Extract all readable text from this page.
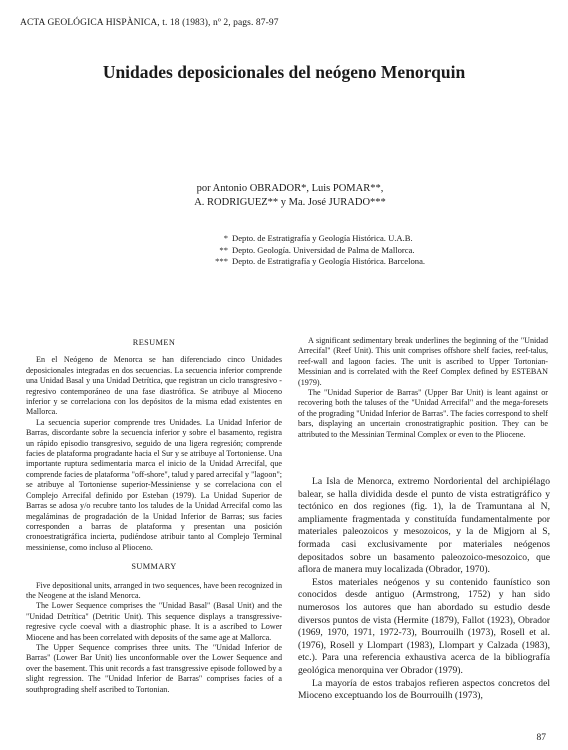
ACTA GEOLÓGICA HISPÀNICA, t. 18 (1983), nº 2, pags. 87-97
Unidades deposicionales del neógeno Menorquin
por Antonio OBRADOR*, Luis POMAR**,
A. RODRIGUEZ** y Ma. José JURADO***
* Depto. de Estratigrafía y Geología Histórica. U.A.B.
** Depto. Geología. Universidad de Palma de Mallorca.
*** Depto. de Estratigrafía y Geología Histórica. Barcelona.
RESUMEN

En el Neógeno de Menorca se han diferenciado cinco Unidades deposicionales integradas en dos secuencias. La secuencia inferior comprende una Unidad Basal y una Unidad Detrítica, que registran un ciclo transgresivo - regresivo contemporáneo de una fase diastrófica. Se atribuye al Mioceno inferior y se correlaciona con los depósitos de la misma edad existentes en Mallorca.

La secuencia superior comprende tres Unidades. La Unidad Inferior de Barras, discordante sobre la secuencia inferior y sobre el basamento, registra un rápido episodio transgresivo, seguido de una ligera regresión; comprende facies de plataforma progradante hacia el Sur y se atribuye al Tortoniense. Una importante ruptura sedimentaria marca el inicio de la Unidad Arrecifal, que comprende facies de plataforma "off-shore", talud y pared arrecifal y "lagoon"; se atribuye al Tortoniense superior-Messiniense y se correlaciona con el Complejo Arrecifal definido por Esteban (1979). La Unidad Superior de Barras se adosa y/o recubre tanto los taludes de la Unidad Arrecifal como las megaláminas de progradación de la Unidad Inferior de Barras; sus facies corresponden a barras de plataforma y presentan una posición cronoestratigráfica incierta, pudiéndose atribuir tanto al Complejo Terminal messiniense, como incluso al Plioceno.

SUMMARY

Five depositional units, arranged in two sequences, have been recognized in the Neogene at the island Menorca.

The Lower Sequence comprises the "Unidad Basal" (Basal Unit) and the "Unidad Detrítica" (Detritic Unit). This sequence displays a transgressive-regresive cycle coeval with a diastrophic phase. It is a ascribed to Lower Miocene and has been correlated with deposits of the same age at Mallorca.

The Upper Sequence comprises three units. The "Unidad Inferior de Barras" (Lower Bar Unit) lies unconformable over the Lower Sequence and over the basement. This unit records a fast transgressive episode followed by a slight regression. The "Unidad Inferior de Barras" comprises facies of a southprograding shelf ascribed to Tortonian.

A significant sedimentary break underlines the beginning of the "Unidad Arrecifal" (Reef Unit). This unit comprises offshore shelf facies, reef-talus, reef-wall and lagoon facies. The unit is ascribed to Upper Tortonian-Messinian and is correlated with the Reef Complex defined by ESTEBAN (1979).

The "Unidad Superior de Barras" (Upper Bar Unit) is leant against or recovering both the taluses of the "Unidad Arrecifal" and the mega-foresets of the prograding "Unidad Inferior de Barras". The facies correspond to shelf bars, displaying an uncertain cronostratigraphic position. They can be attributed to the Messinian Terminal Complex or even to the Pliocene.

La Isla de Menorca, extremo Nordoriental del archipiélago balear, se halla dividida desde el punto de vista estratigráfico y tectónico en dos regiones (fig. 1), la de Tramuntana al N, ampliamente fragmentada y constituída fundamentalmente por materiales paleozoicos y mesozoicos, y la de Migjorn al S, formada casi exclusivamente por materiales neógenos depositados sobre un basamento paleozoico-mesozoico, que aflora de manera muy localizada (Obrador, 1970).

Estos materiales neógenos y su contenido faunístico son conocidos desde antiguo (Armstrong, 1752) y han sido numerosos los autores que han abordado su estudio desde diversos puntos de vista (Hermite (1879), Fallot (1923), Obrador (1969, 1970, 1971, 1972-73), Bourrouilh (1973), Rosell et al. (1976), Rosell y Llompart (1983), Llompart y Calzada (1983), etc.). Para una referencia exhaustiva acerca de la bibliografía geológica menorquina ver Obrador (1979).

La mayoría de estos trabajos refieren aspectos concretos del Mioceno exceptuando los de Bourrouilh (1973),

87
